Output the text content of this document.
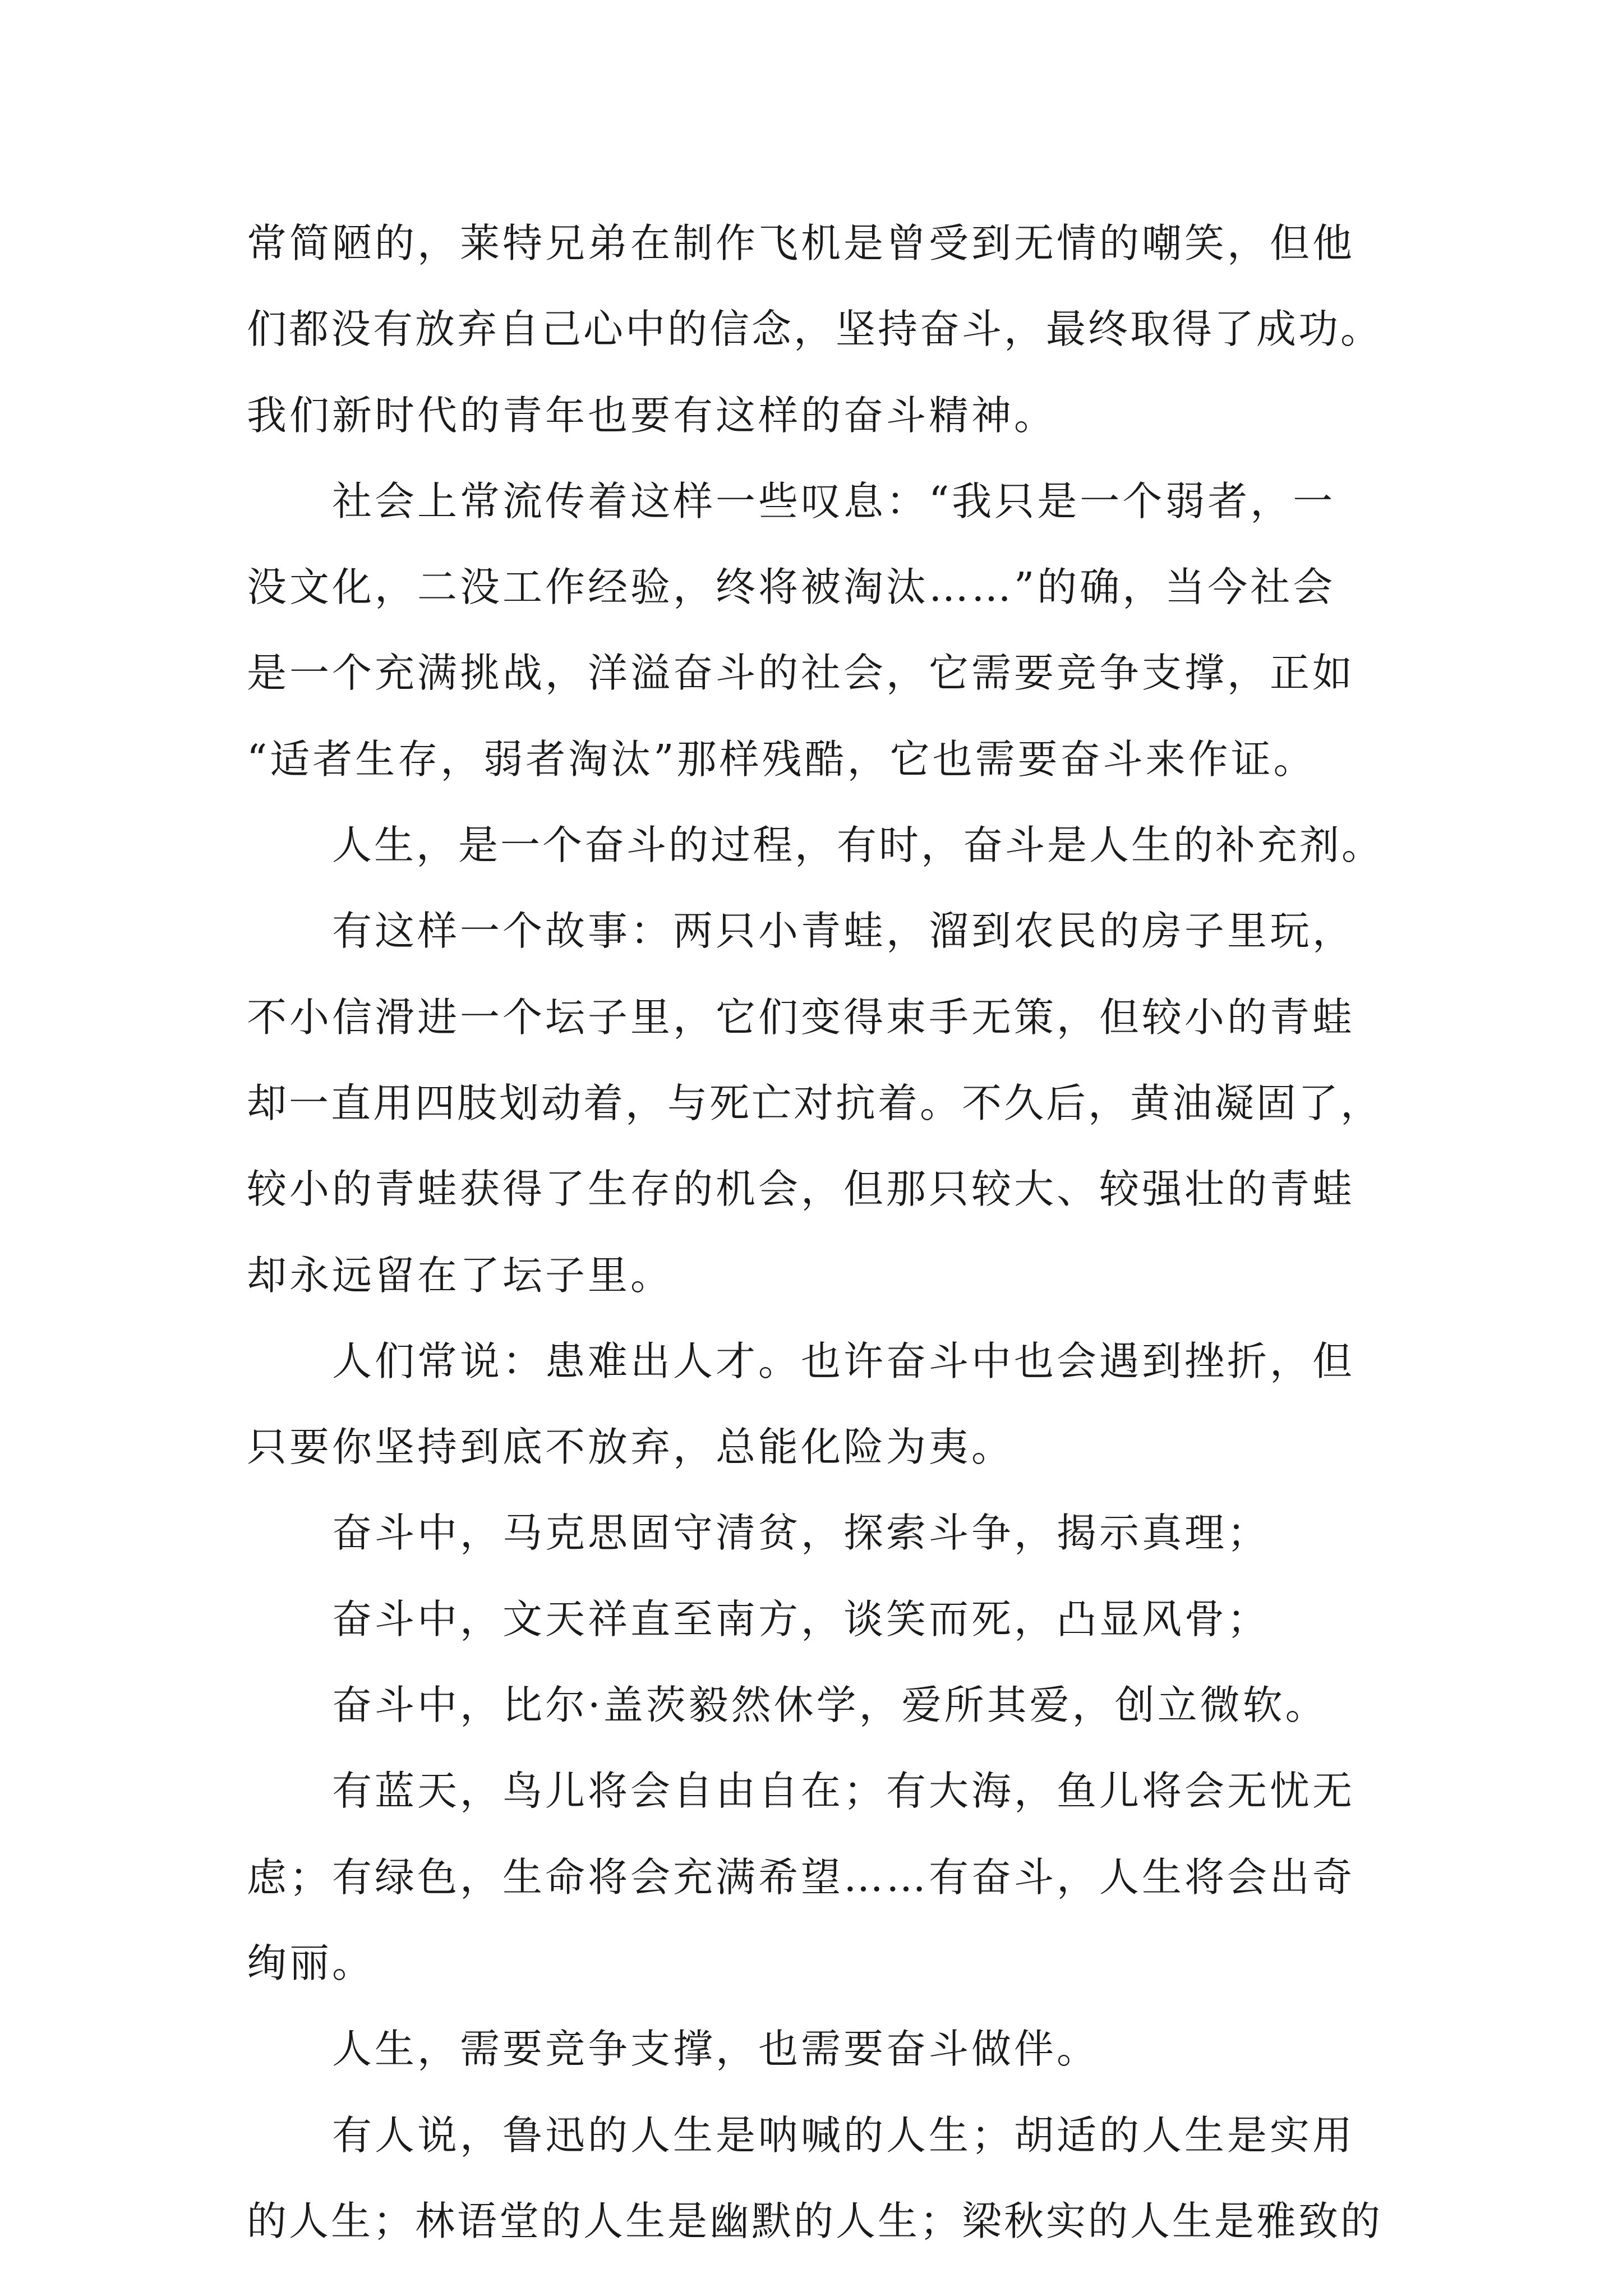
常简陋的，莱特兄弟在制作飞机是曾受到无情的嘲笑，但他
们都没有放弃自己心中的信念，坚持奋斗，最终取得了成功。
我们新时代的青年也要有这样的奋斗精神。
社会上常流传着这样一些叹息：“我只是一个弱者，一
没文化，二没工作经验，终将被淘汰……”的确，当今社会
是一个充满挑战，洋溢奋斗的社会，它需要竞争支撑，正如
“适者生存，弱者淘汰”那样残酷，它也需要奋斗来作证。
人生，是一个奋斗的过程，有时，奋斗是人生的补充剂。
有这样一个故事：两只小青蛙，溜到农民的房子里玩，
不小信滑进一个坛子里，它们变得束手无策，但较小的青蛙
却一直用四肢划动着，与死亡对抗着。不久后，黄油凝固了，
较小的青蛙获得了生存的机会，但那只较大、较强壮的青蛙
却永远留在了坛子里。
人们常说：患难出人才。也许奋斗中也会遇到挫折，但
只要你坚持到底不放弃，总能化险为夷。
奋斗中，马克思固守清贫，探索斗争，揭示真理；
奋斗中，文天祥直至南方，谈笑而死，凸显风骨；
奋斗中，比尔·盖茨毅然休学，爱所其爱，创立微软。
有蓝天，鸟儿将会自由自在；有大海，鱼儿将会无忧无
虑；有绿色，生命将会充满希望……有奋斗，人生将会出奇
绚丽。
人生，需要竞争支撑，也需要奋斗做伴。
有人说，鲁迅的人生是呐喊的人生；胡适的人生是实用
的人生；林语堂的人生是幽默的人生；梁秋实的人生是雅致的
